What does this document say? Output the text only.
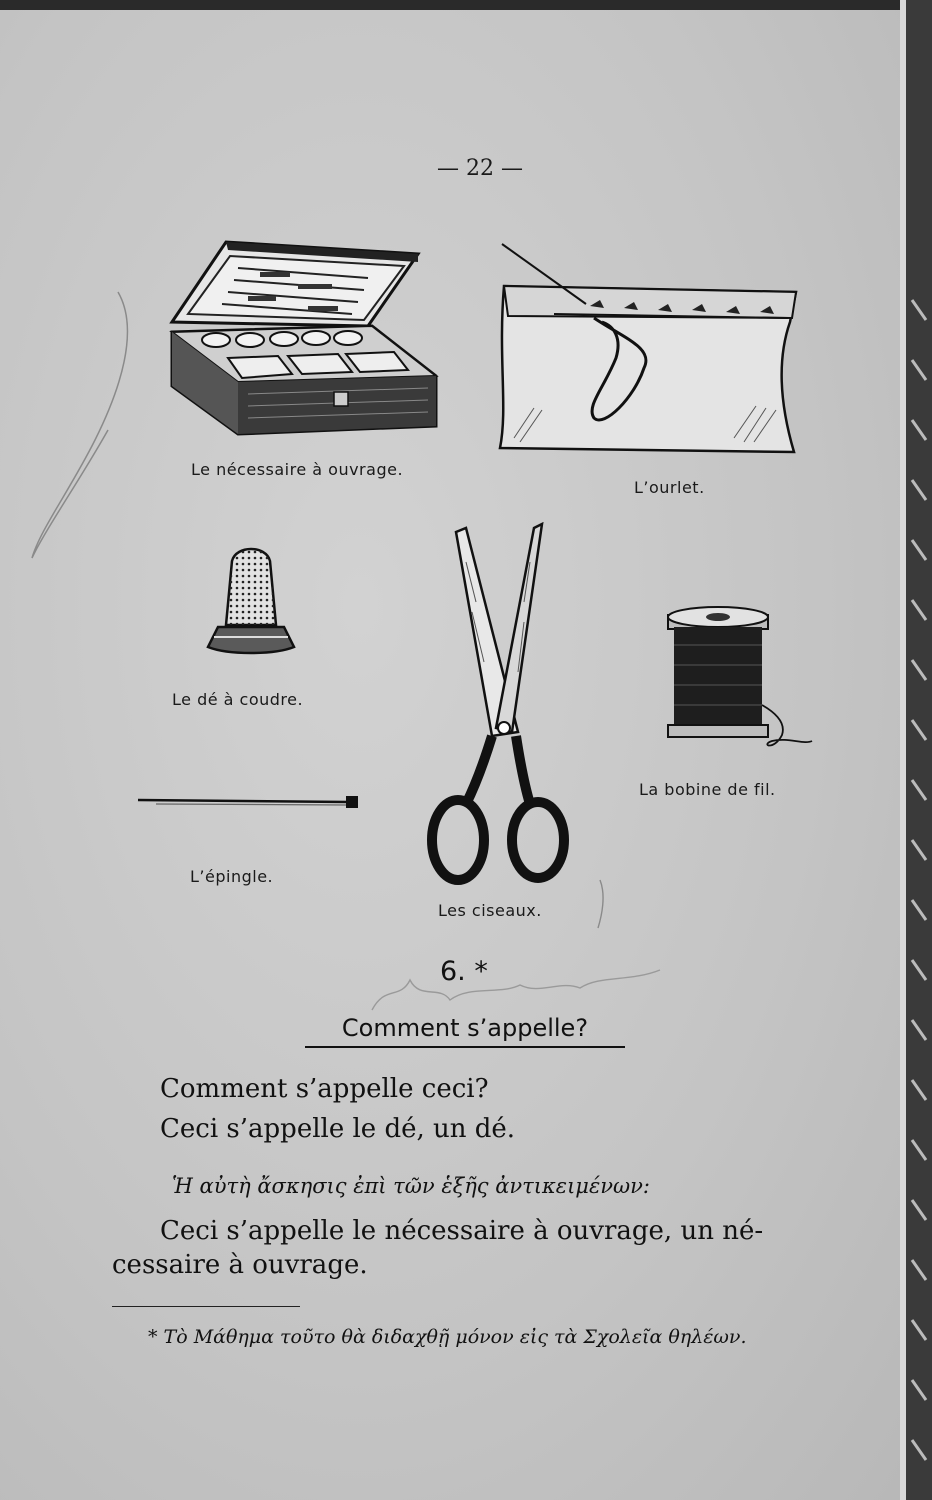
— 22 —
Le nécessaire à ouvrage.
L’ourlet.
Le dé à coudre.
Les ciseaux.
La bobine de fil.
L’épingle.
6. *
Comment s’appelle?
Comment s’appelle ceci?
Ceci s’appelle le dé, un dé.
Ἡ αὐτὴ ἄσκησις ἐπὶ τῶν ἑξῆς ἀντικειμένων:
Ceci s’appelle le nécessaire à ouvrage, un né-
cessaire à ouvrage.
* Τὸ Μάθημα τοῦτο θὰ διδαχθῇ μόνον εἰς τὰ Σχολεῖα θηλέων.
